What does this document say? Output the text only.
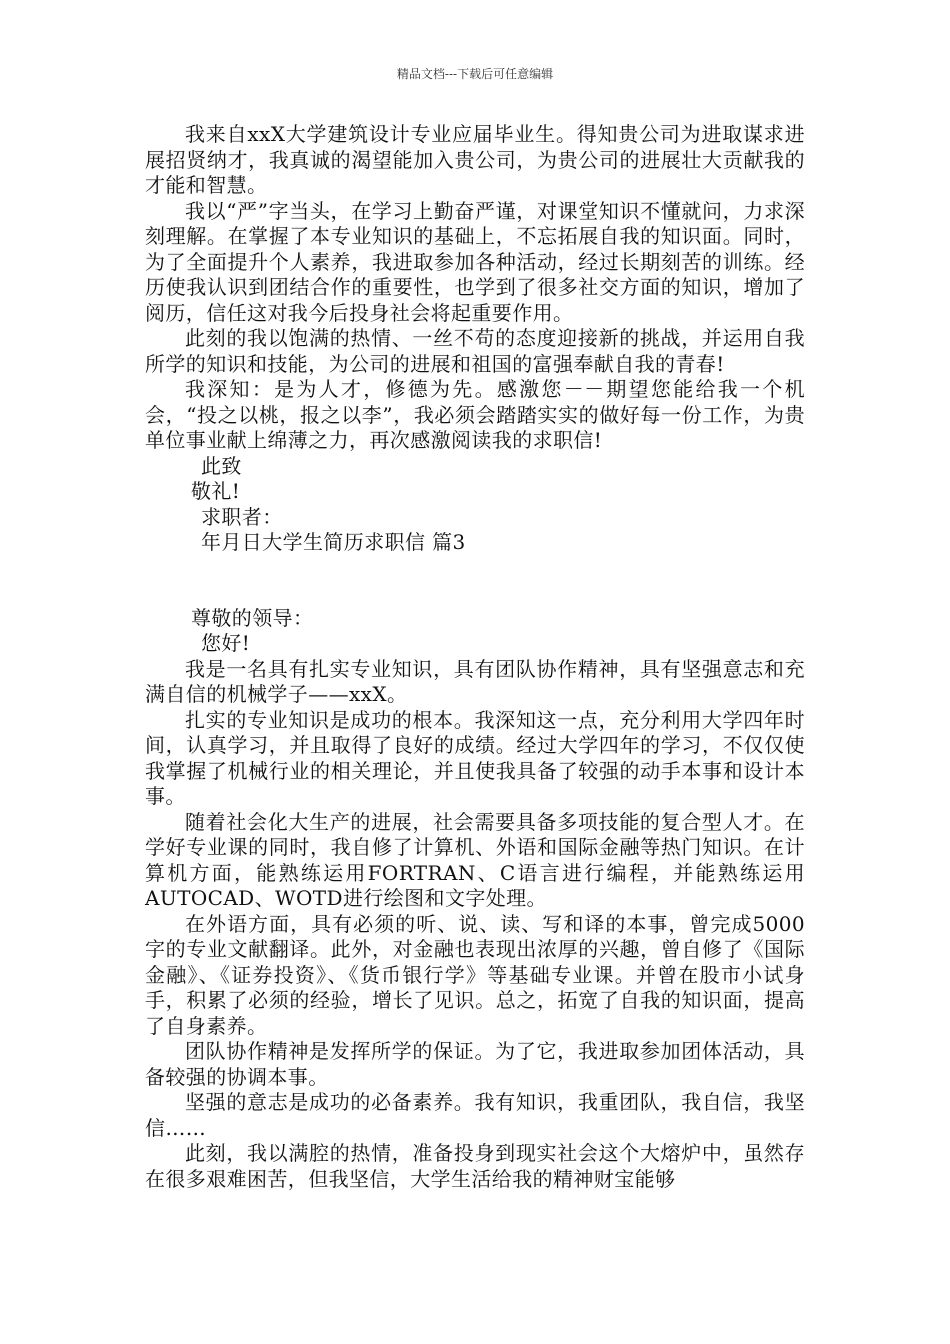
精品文档---下载后可任意编辑

我来自xxX大学建筑设计专业应届毕业生。得知贵公司为进取谋求进展招贤纳才，我真诚的渴望能加入贵公司，为贵公司的进展壮大贡献我的才能和智慧。

我以“严”字当头，在学习上勤奋严谨，对课堂知识不懂就问，力求深刻理解。在掌握了本专业知识的基础上，不忘拓展自我的知识面。同时，为了全面提升个人素养，我进取参加各种活动，经过长期刻苦的训练。经历使我认识到团结合作的重要性，也学到了很多社交方面的知识，增加了阅历，信任这对我今后投身社会将起重要作用。

此刻的我以饱满的热情、一丝不苟的态度迎接新的挑战，并运用自我所学的知识和技能，为公司的进展和祖国的富强奉献自我的青春!

我深知：是为人才，修德为先。感激您－－期望您能给我一个机会，“投之以桃，报之以李”，我必须会踏踏实实的做好每一份工作，为贵单位事业献上绵薄之力，再次感激阅读我的求职信!

此致

敬礼!

求职者：

年月日大学生简历求职信 篇3

尊敬的领导：

您好!

我是一名具有扎实专业知识，具有团队协作精神，具有坚强意志和充满自信的机械学子——xxX。

扎实的专业知识是成功的根本。我深知这一点，充分利用大学四年时间，认真学习，并且取得了良好的成绩。经过大学四年的学习，不仅仅使我掌握了机械行业的相关理论，并且使我具备了较强的动手本事和设计本事。

随着社会化大生产的进展，社会需要具备多项技能的复合型人才。在学好专业课的同时，我自修了计算机、外语和国际金融等热门知识。在计算机方面，能熟练运用FORTRAN、C语言进行编程，并能熟练运用AUTOCAD、WOTD进行绘图和文字处理。

在外语方面，具有必须的听、说、读、写和译的本事，曾完成5000字的专业文献翻译。此外，对金融也表现出浓厚的兴趣，曾自修了《国际金融》、《证券投资》、《货币银行学》等基础专业课。并曾在股市小试身手，积累了必须的经验，增长了见识。总之，拓宽了自我的知识面，提高了自身素养。

团队协作精神是发挥所学的保证。为了它，我进取参加团体活动，具备较强的协调本事。

坚强的意志是成功的必备素养。我有知识，我重团队，我自信，我坚信……

此刻，我以满腔的热情，准备投身到现实社会这个大熔炉中，虽然存在很多艰难困苦，但我坚信，大学生活给我的精神财宝能够
